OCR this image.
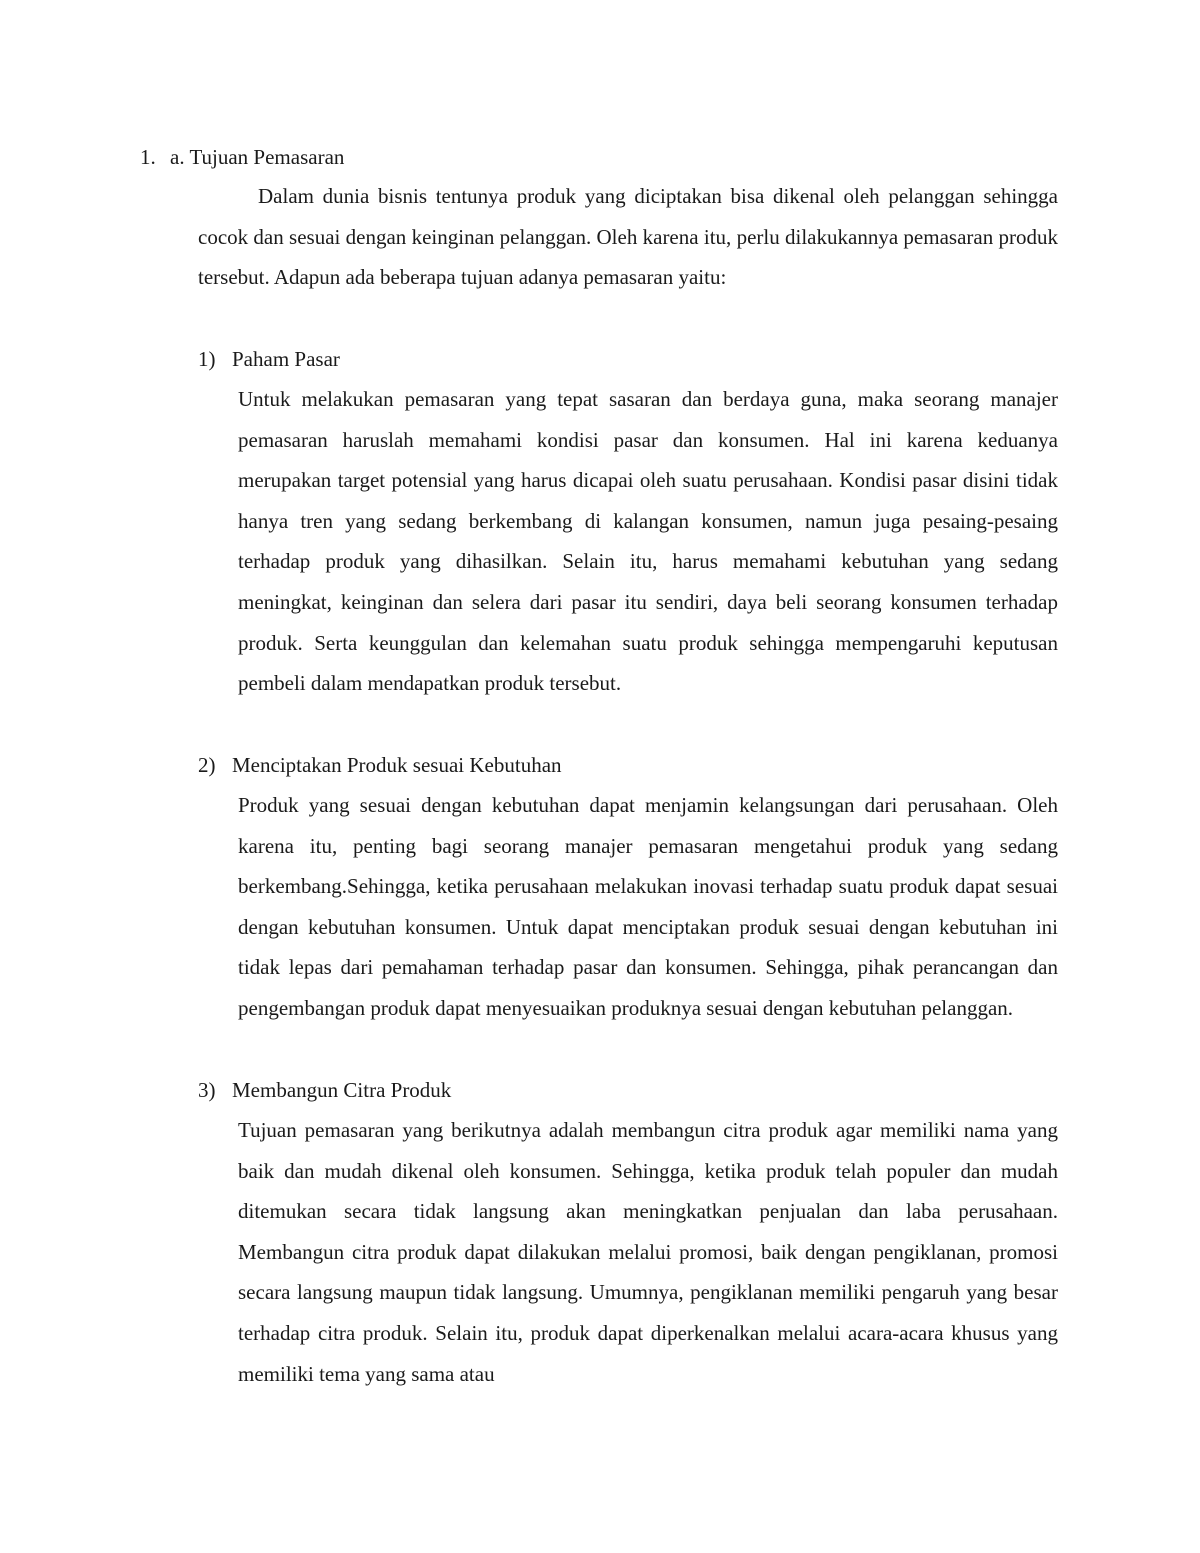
1. a. Tujuan Pemasaran
Dalam dunia bisnis tentunya produk yang diciptakan bisa dikenal oleh pelanggan sehingga cocok dan sesuai dengan keinginan pelanggan. Oleh karena itu, perlu dilakukannya pemasaran produk tersebut. Adapun ada beberapa tujuan adanya pemasaran yaitu:
1) Paham Pasar
Untuk melakukan pemasaran yang tepat sasaran dan berdaya guna, maka seorang manajer pemasaran haruslah memahami kondisi pasar dan konsumen. Hal ini karena keduanya merupakan target potensial yang harus dicapai oleh suatu perusahaan. Kondisi pasar disini tidak hanya tren yang sedang berkembang di kalangan konsumen, namun juga pesaing-pesaing terhadap produk yang dihasilkan. Selain itu, harus memahami kebutuhan yang sedang meningkat, keinginan dan selera dari pasar itu sendiri, daya beli seorang konsumen terhadap produk. Serta keunggulan dan kelemahan suatu produk sehingga mempengaruhi keputusan pembeli dalam mendapatkan produk tersebut.
2) Menciptakan Produk sesuai Kebutuhan
Produk yang sesuai dengan kebutuhan dapat menjamin kelangsungan dari perusahaan. Oleh karena itu, penting bagi seorang manajer pemasaran mengetahui produk yang sedang berkembang.Sehingga, ketika perusahaan melakukan inovasi terhadap suatu produk dapat sesuai dengan kebutuhan konsumen. Untuk dapat menciptakan produk sesuai dengan kebutuhan ini tidak lepas dari pemahaman terhadap pasar dan konsumen. Sehingga, pihak perancangan dan pengembangan produk dapat menyesuaikan produknya sesuai dengan kebutuhan pelanggan.
3) Membangun Citra Produk
Tujuan pemasaran yang berikutnya adalah membangun citra produk agar memiliki nama yang baik dan mudah dikenal oleh konsumen. Sehingga, ketika produk telah populer dan mudah ditemukan secara tidak langsung akan meningkatkan penjualan dan laba perusahaan. Membangun citra produk dapat dilakukan melalui promosi, baik dengan pengiklanan, promosi secara langsung maupun tidak langsung. Umumnya, pengiklanan memiliki pengaruh yang besar terhadap citra produk. Selain itu, produk dapat diperkenalkan melalui acara-acara khusus yang memiliki tema yang sama atau
